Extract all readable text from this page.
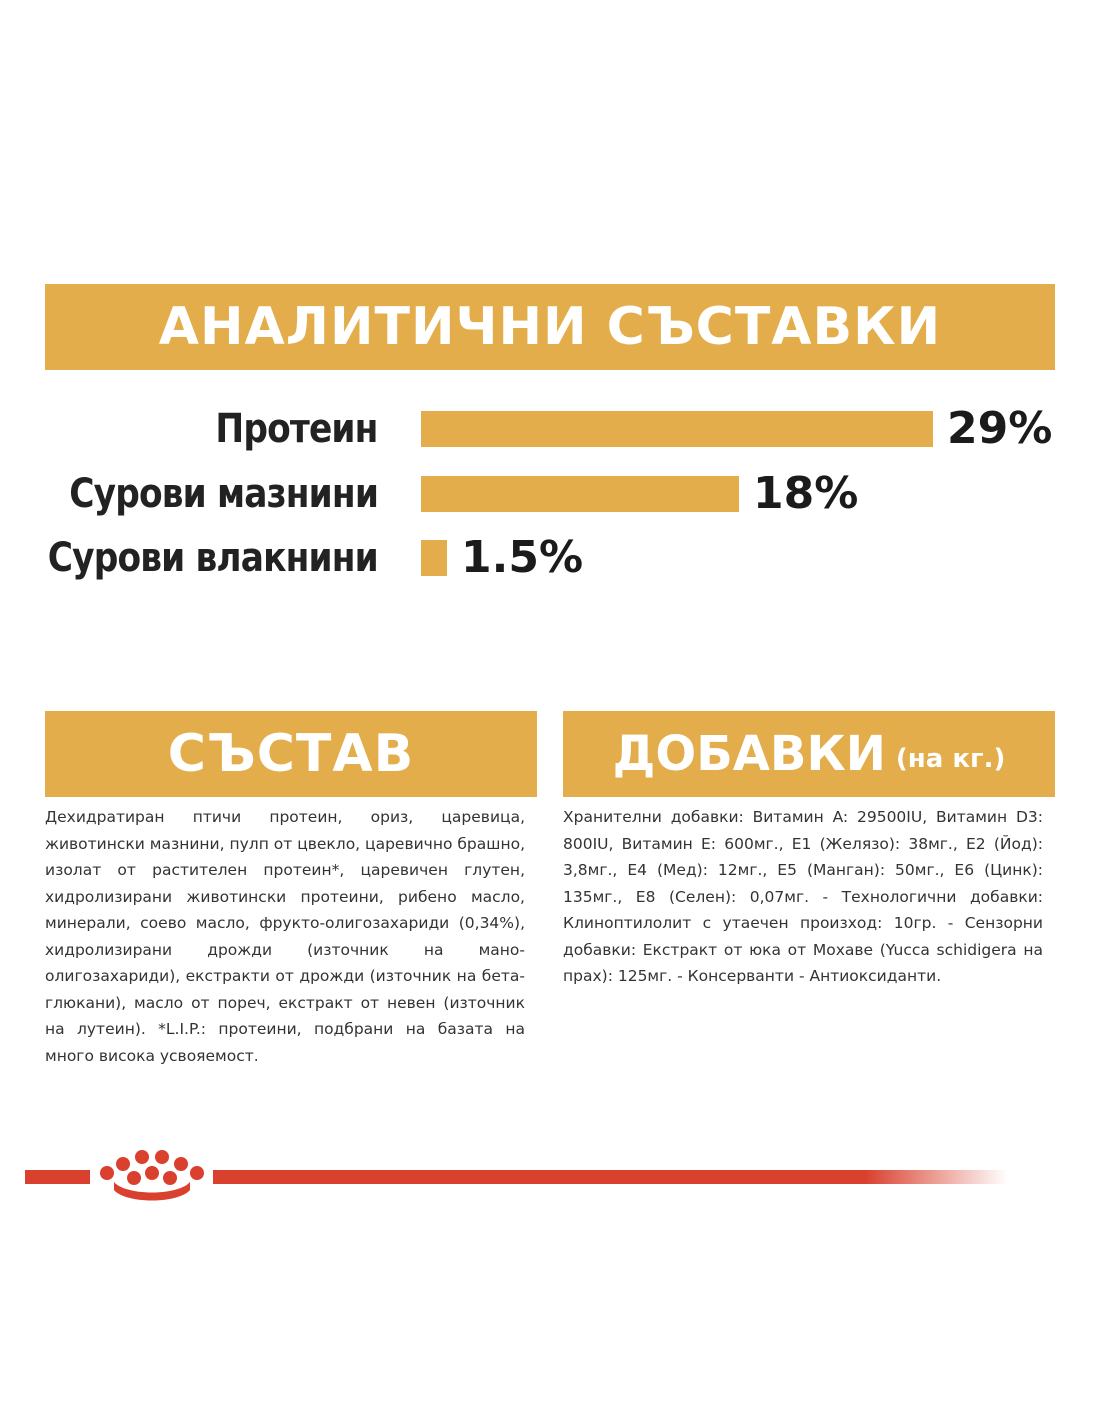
АНАЛИТИЧНИ СЪСТАВКИ
Протеин	29%
Сурови мазнини	18%
Сурови влакнини 1.5%
СЪСТАВ	ДОБАВКИ (на кг.)
Дехидратиран птичи протеин, ориз, царевица, животински мазнини, пулп от цвекло, царевично брашно, изолат от растителен протеин*, царевичен глутен, хидролизирани животински протеини, рибено масло, минерали, соево масло, фрукто-олигозахариди (0,34%), хидролизирани дрожди (източник на мано- олигозахариди), екстракти от дрожди (източник на бета- глюкани), масло от пореч, екстракт от невен (източник на лутеин). *L.I.P.: протеини, подбрани на базата на много висока усвояемост.
Хранителни добавки: Витамин A: 29500IU, Витамин D3: 800IU, Витамин E: 600мг., E1 (Желязо): 38мг., E2 (Йод): 3,8мг., E4 (Мед): 12мг., E5 (Манган): 50мг., E6 (Цинк): 135мг., E8 (Селен): 0,07мг. - Технологични добавки: Клиноптилолит с утаечен произход: 10гр. - Сензорни добавки: Екстракт от юка от Мохаве (Yucca schidigera на прах): 125мг. - Консерванти - Антиоксиданти.
